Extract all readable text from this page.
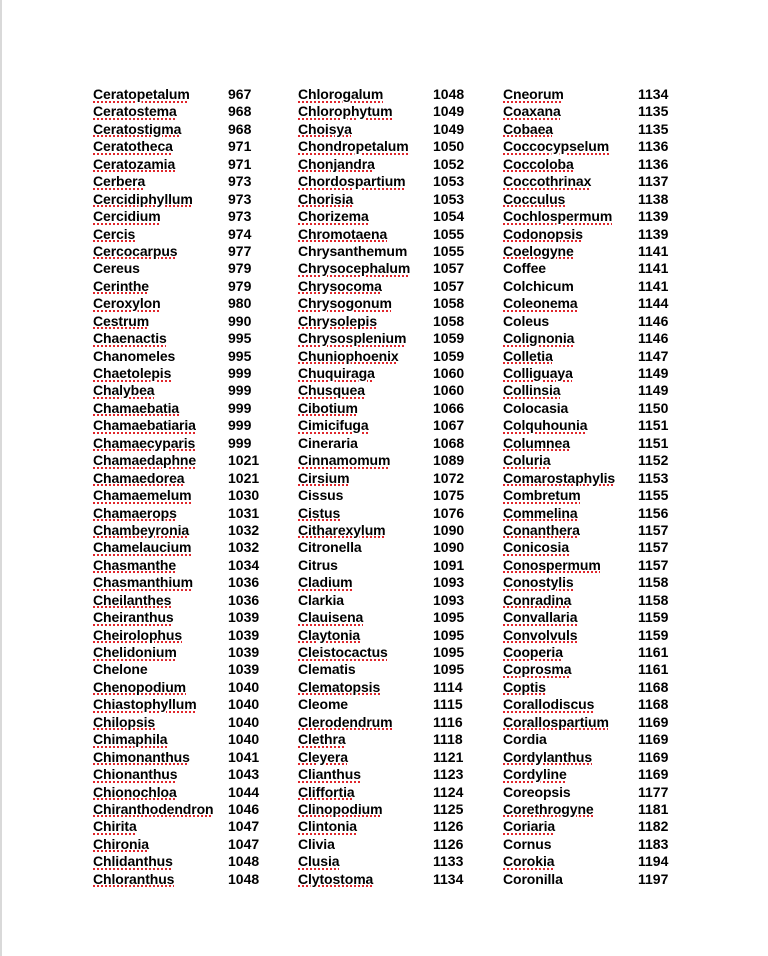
Ceratopetalum	967
Ceratostema	968
Ceratostigma	968
Ceratotheca	971
Ceratozamia	971
Cerbera	973
Cercidiphyllum	973
Cercidium	973
Cercis	974
Cercocarpus	977
Cereus	979
Cerinthe	979
Ceroxylon	980
Cestrum	990
Chaenactis	995
Chanomeles	995
Chaetolepis	999
Chalybea	999
Chamaebatia	999
Chamaebatiaria 999
Chamaecyparis 999
Chamaedaphne 1021
Chamaedorea	1021
Chamaemelum	1030
Chamaerops	1031
Chambeyronia	1032
Chamelaucium	1032
Chasmanthe	1034
Chasmanthium	1036
Cheilanthes	1036
Cheiranthus	1039
Cheirolophus	1039
Chelidonium	1039
Chelone	1039
Chenopodium	1040
Chiastophyllum 1040
Chilopsis	1040
Chimaphila	1040
Chimonanthus	1041
Chionanthus	1043
Chionochloa	1044
Chiranthodendron 1046
Chirita	1047
Chironia	1047
Chlidanthus	1048
Chloranthus	1048
Chlorogalum	1048
Chlorophytum	1049
Choisya	1049
Chondropetalum 1050
Chonjandra	1052
Chordospartium 1053
Chorisia	1053
Chorizema	1054
Chromotaena	1055
Chrysanthemum 1055
Chrysocephalum 1057
Chrysocoma	1057
Chrysogonum	1058
Chrysolepis	1058
Chrysosplenium 1059
Chuniophoenix 1059
Chuquiraga	1060
Chusquea	1060
Cibotium	1066
Cimicifuga	1067
Cineraria	1068
Cinnamomum	1089
Cirsium	1072
Cissus	1075
Cistus	1076
Citharexylum	1090
Citronella	1090
Citrus	1091
Cladium	1093
Clarkia	1093
Clauisena	1095
Claytonia	1095
Cleistocactus	1095
Clematis	1095
Clematopsis	1114
Cleome	1115
Clerodendrum	1116
Clethra	1118
Cleyera	1121
Clianthus	1123
Cliffortia	1124
Clinopodium	1125
Clintonia	1126
Clivia	1126
Clusia	1133
Clytostoma	1134
Cneorum	1134
Coaxana	1135
Cobaea	1135
Coccocypselum 1136
Coccoloba	1136
Coccothrinax	1137
Cocculus	1138
Cochlospermum 1139
Codonopsis	1139
Coelogyne	1141
Coffee	1141
Colchicum	1141
Coleonema	1144
Coleus	1146
Colignonia	1146
Colletia	1147
Colliguaya	1149
Collinsia	1149
Colocasia	1150
Colquhounia	1151
Columnea	1151
Coluria	1152
Comarostaphylis 1153
Combretum	1155
Commelina	1156
Conanthera	1157
Conicosia	1157
Conospermum	1157
Conostylis	1158
Conradina	1158
Convallaria	1159
Convolvuls	1159
Cooperia	1161
Coprosma	1161
Coptis	1168
Corallodiscus	1168
Corallospartium 1169
Cordia	1169
Cordylanthus	1169
Cordyline	1169
Coreopsis	1177
Corethrogyne	1181
Coriaria	1182
Cornus	1183
Corokia	1194
Coronilla	1197
